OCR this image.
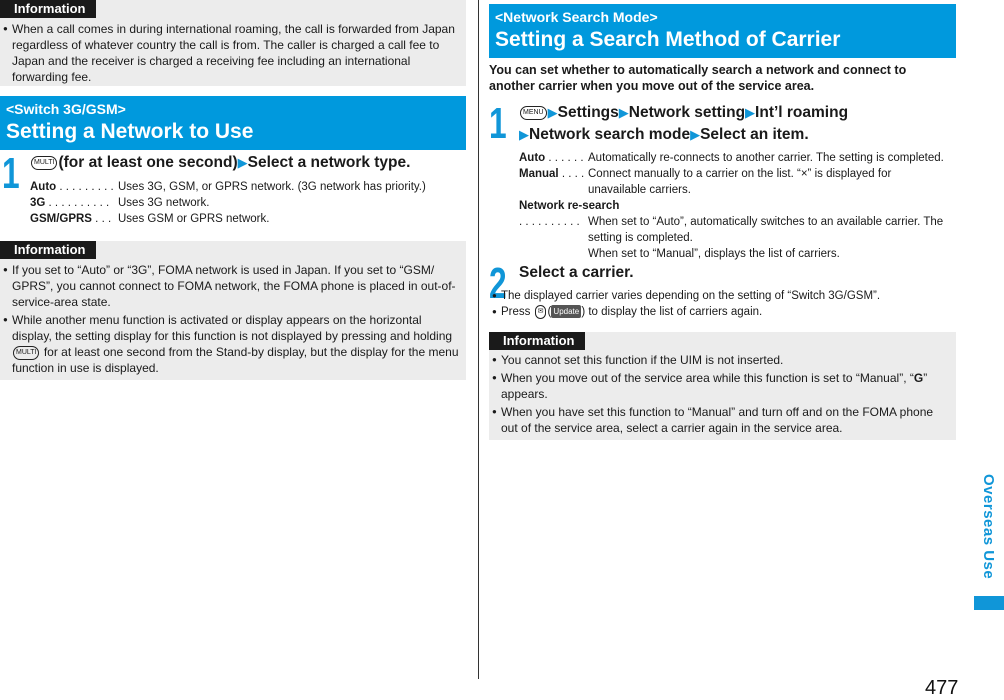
Information
● When a call comes in during international roaming, the call is forwarded from Japan regardless of whatever country the call is from. The caller is charged a call fee to Japan and the receiver is charged a receiving fee including an international forwarding fee.
<Switch 3G/GSM>
Setting a Network to Use
1	MULTI (for at least one second)▶Select a network type.
Auto . . . . . . . . . Uses 3G, GSM, or GPRS network. (3G network has priority.)
3G . . . . . . . . . . Uses 3G network.
GSM/GPRS . . . Uses GSM or GPRS network.
Information
● If you set to “Auto” or “3G”, FOMA network is used in Japan. If you set to “GSM/ GPRS”, you cannot connect to FOMA network, the FOMA phone is placed in out-of-service-area state.
● While another menu function is activated or display appears on the horizontal display, the setting display for this function is not displayed by pressing and holding MULTI for at least one second from the Stand-by display, but the display for the menu function in use is displayed.
<Network Search Mode>
Setting a Search Method of Carrier
You can set whether to automatically search a network and connect to another carrier when you move out of the service area.
1	MENU ▶Settings▶Network setting▶Int’l roaming
▶Network search mode▶Select an item.
Auto . . . . . . Automatically re-connects to another carrier. The setting is completed.
Manual . . . . Connect manually to a carrier on the list. “×” is displayed for unavailable carriers.
Network re-search
. . . . . . . . . . When set to “Auto”, automatically switches to an available carrier. The setting is completed.
When set to “Manual”, displays the list of carriers.
2 Select a carrier.
● The displayed carrier varies depending on the setting of “Switch 3G/GSM”.
● Press ✉ ( Update ) to display the list of carriers again.
Information
● You cannot set this function if the UIM is not inserted.
● When you move out of the service area while this function is set to “Manual”, “G” appears.
● When you have set this function to “Manual” and turn off and on the FOMA phone out of the service area, select a carrier again in the service area.
Overseas Use
477
